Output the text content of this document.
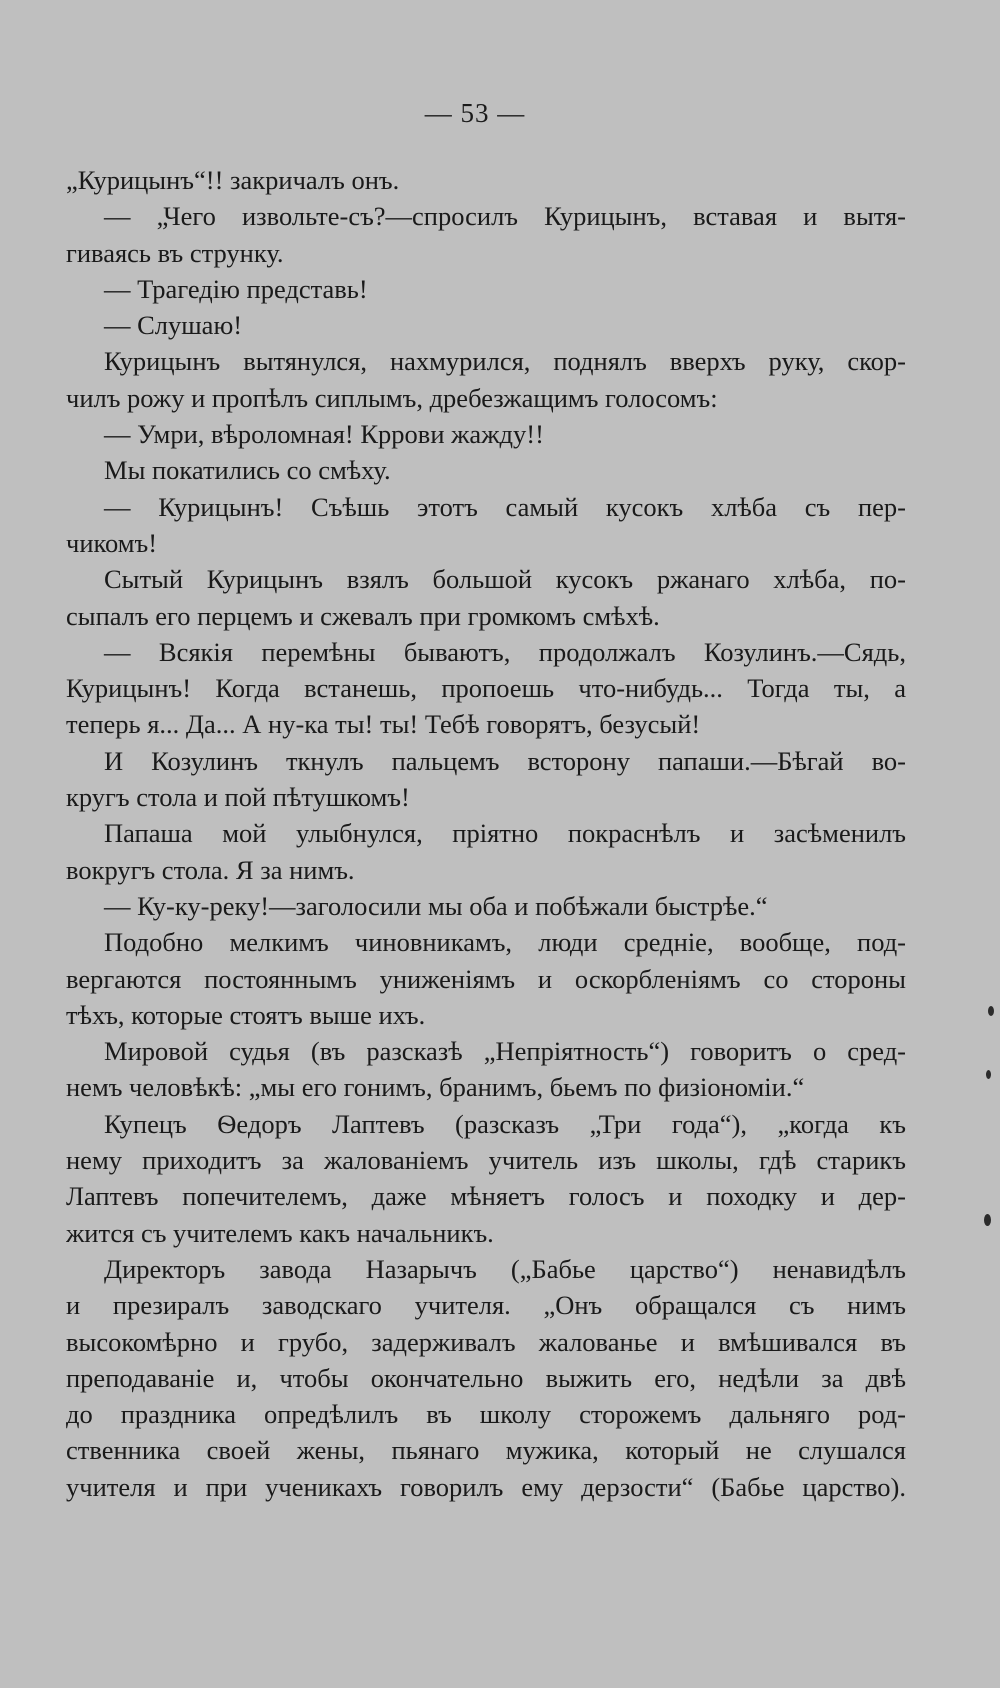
— 53 —
„Курицынъ“!! закричалъ онъ.
— „Чего извольте-съ?—спросилъ Курицынъ, вставая и вытя-
гиваясь въ струнку.
— Трагедію представь!
— Слушаю!
Курицынъ вытянулся, нахмурился, поднялъ вверхъ руку, скор-
чилъ рожу и пропѣлъ сиплымъ, дребезжащимъ голосомъ:
— Умри, вѣроломная! Кррови жажду!!
Мы покатились со смѣху.
— Курицынъ! Съѣшь этотъ самый кусокъ хлѣба съ пер-
чикомъ!
Сытый Курицынъ взялъ большой кусокъ ржанаго хлѣба, по-
сыпалъ его перцемъ и сжевалъ при громкомъ смѣхѣ.
— Всякія перемѣны бываютъ, продолжалъ Козулинъ.—Сядь,
Курицынъ! Когда встанешь, пропоешь что-нибудь... Тогда ты, а
теперь я... Да... А ну-ка ты! ты! Тебѣ говорятъ, безусый!
И Козулинъ ткнулъ пальцемъ всторону папаши.—Бѣгай во-
кругъ стола и пой пѣтушкомъ!
Папаша мой улыбнулся, пріятно покраснѣлъ и засѣменилъ
вокругъ стола. Я за нимъ.
— Ку-ку-реку!—заголосили мы оба и побѣжали быстрѣе.“
Подобно мелкимъ чиновникамъ, люди средніе, вообще, под-
вергаются постояннымъ униженіямъ и оскорбленіямъ со стороны
тѣхъ, которые стоятъ выше ихъ.
Мировой судья (въ разсказѣ „Непріятность“) говоритъ о сред-
немъ человѣкѣ: „мы его гонимъ, бранимъ, бьемъ по физіономіи.“
Купецъ Ѳедоръ Лаптевъ (разсказъ „Три года“), „когда къ
нему приходитъ за жалованіемъ учитель изъ школы, гдѣ старикъ
Лаптевъ попечителемъ, даже мѣняетъ голосъ и походку и дер-
жится съ учителемъ какъ начальникъ.
Директоръ завода Назарычъ („Бабье царство“) ненавидѣлъ
и презиралъ заводскаго учителя. „Онъ обращался съ нимъ
высокомѣрно и грубо, задерживалъ жалованье и вмѣшивался въ
преподаваніе и, чтобы окончательно выжить его, недѣли за двѣ
до праздника опредѣлилъ въ школу сторожемъ дальняго род-
ственника своей жены, пьянаго мужика, который не слушался
учителя и при ученикахъ говорилъ ему дерзости“ (Бабье царство).
